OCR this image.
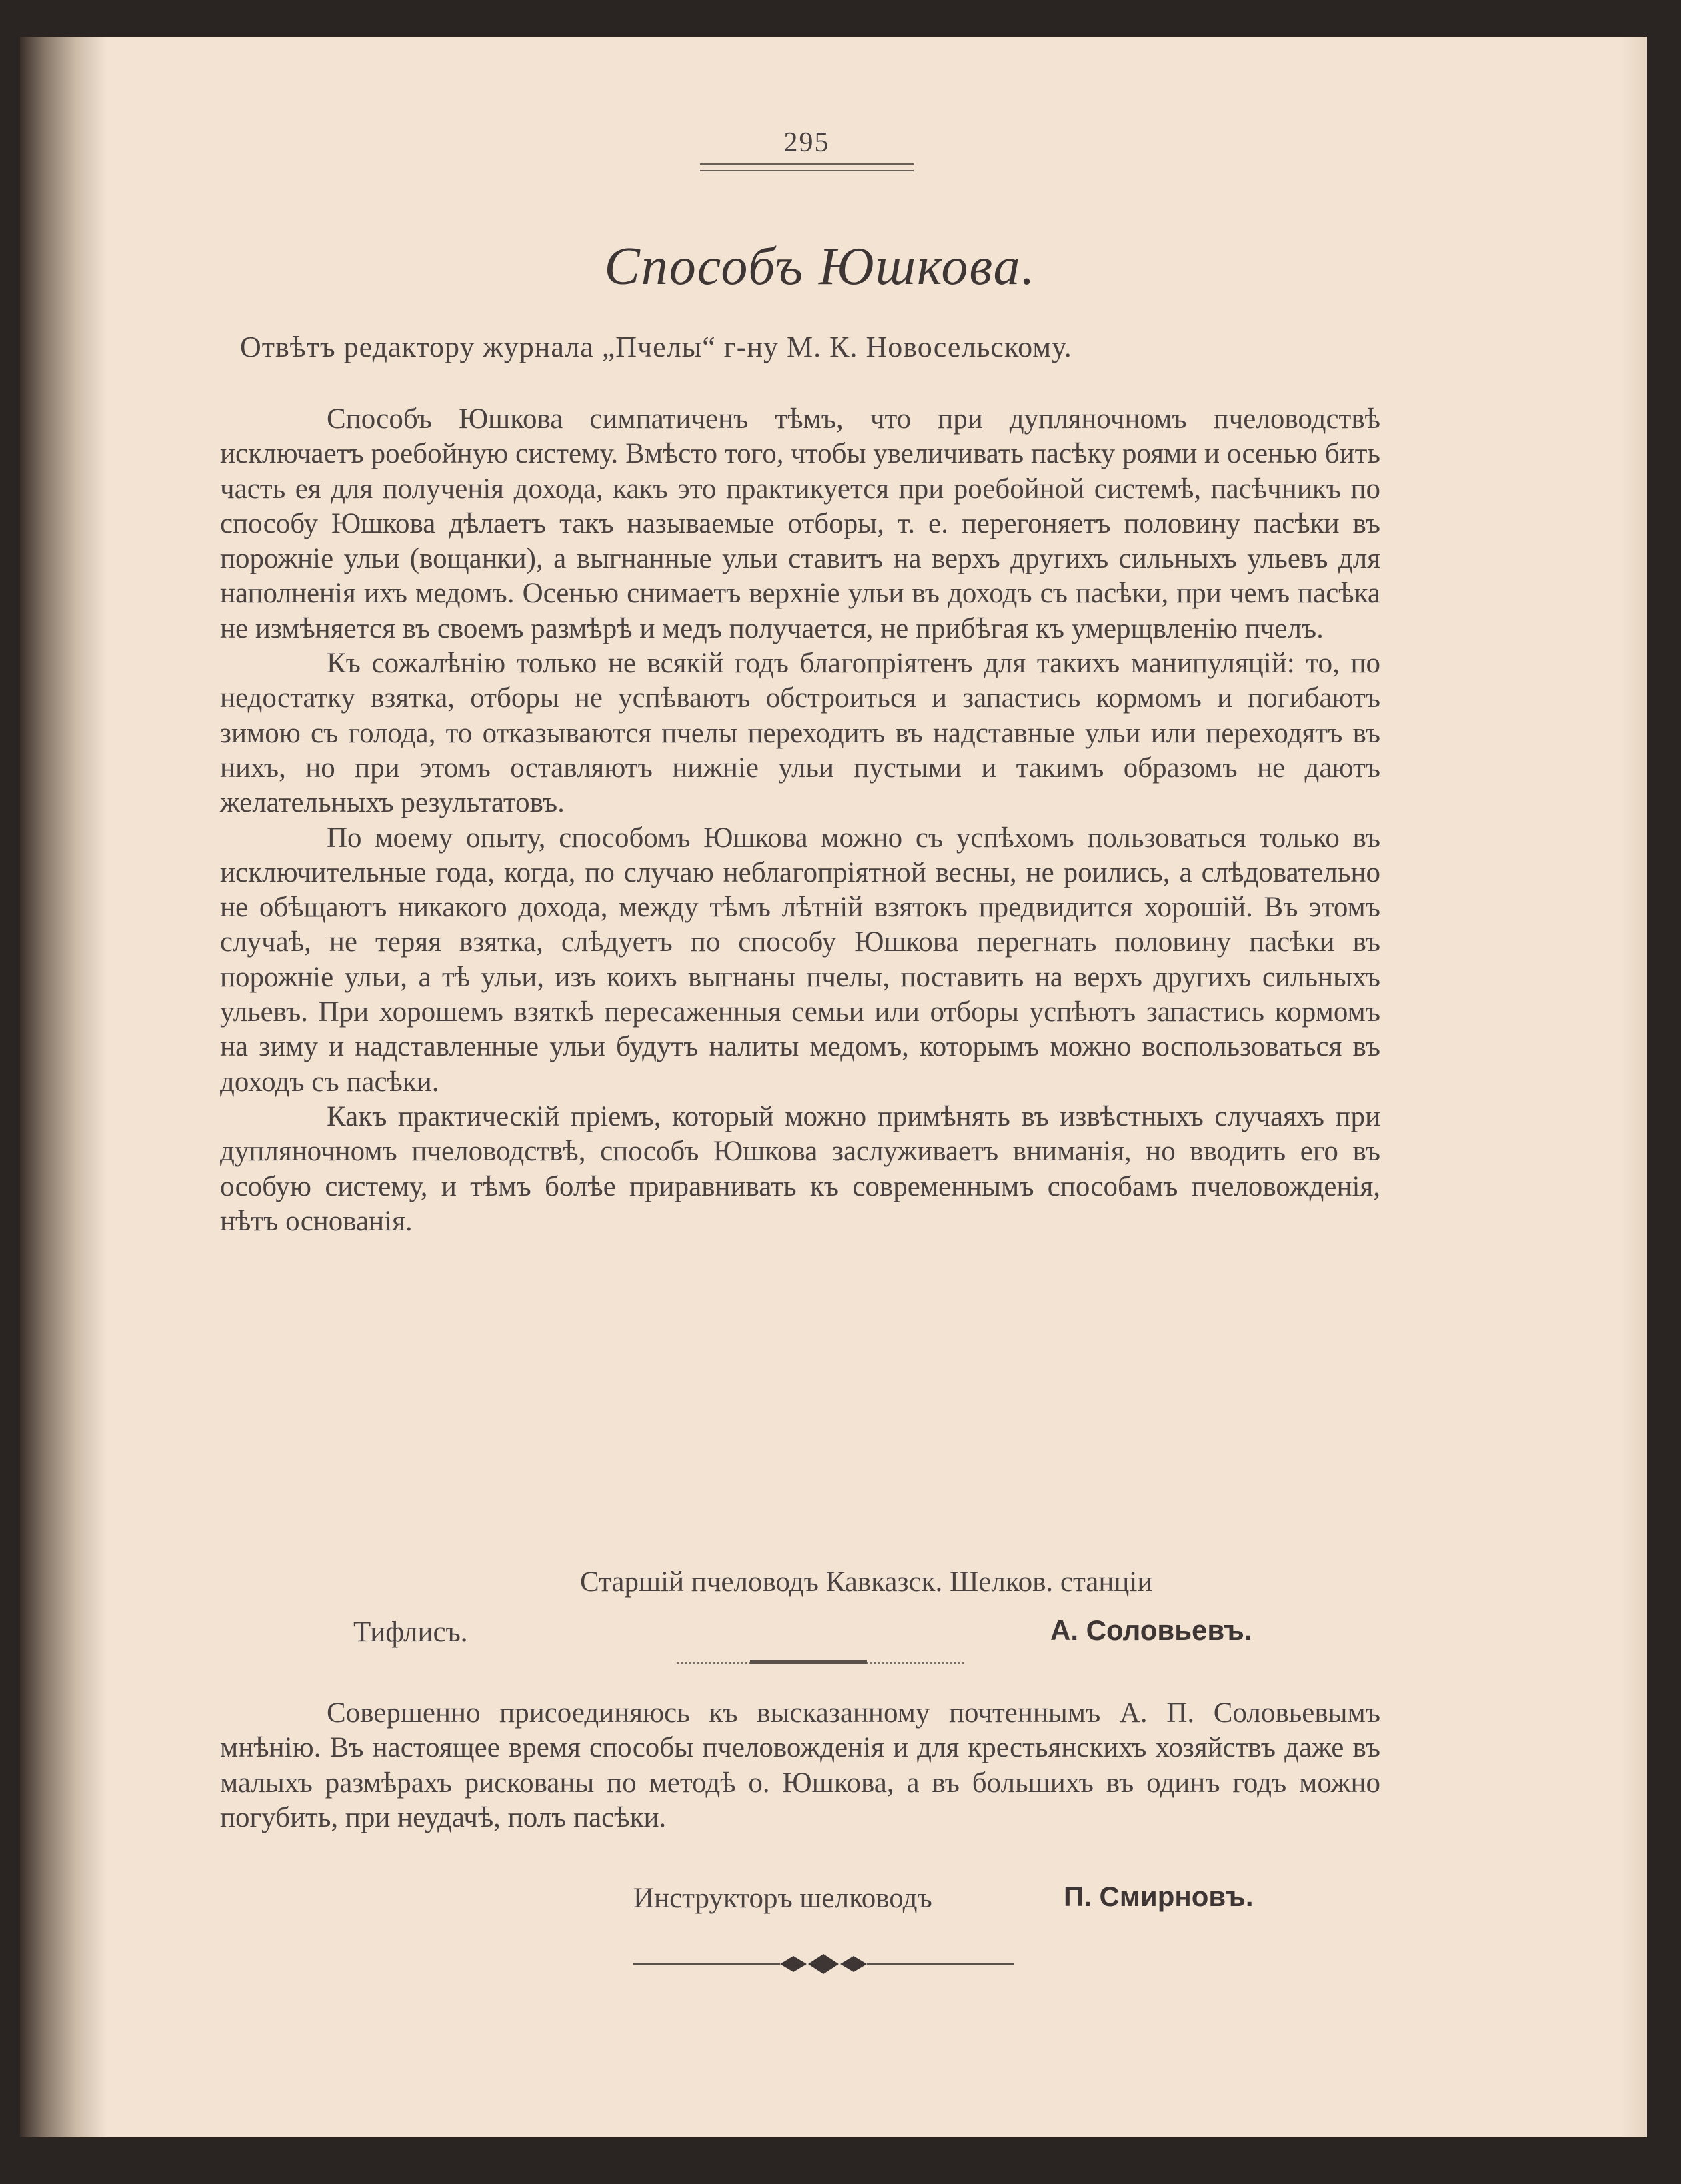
295
Способъ Юшкова.
Отвѣтъ редактору журнала „Пчелы“ г-ну М. К. Новосельскому.

Способъ Юшкова симпатиченъ тѣмъ, что при дупляночномъ пчеловодствѣ исключаетъ роебойную систему. Вмѣсто того, чтобы увеличивать пасѣку роями и осенью бить часть ея для полученія дохода, какъ это практикуется при роебойной системѣ, пасѣчникъ по способу Юшкова дѣлаетъ такъ называемые отборы, т. е. перегоняетъ половину пасѣки въ порожніе ульи (вощанки), а выгнанные ульи ставитъ на верхъ другихъ сильныхъ ульевъ для наполненія ихъ медомъ. Осенью снимаетъ верхніе ульи въ доходъ съ пасѣки, при чемъ пасѣка не измѣняется въ своемъ размѣрѣ и медъ получается, не прибѣгая къ умерщвленію пчелъ.

Къ сожалѣнію только не всякій годъ благопріятенъ для такихъ манипуляцій: то, по недостатку взятка, отборы не успѣваютъ обстроиться и запастись кормомъ и погибаютъ зимою съ голода, то отказываются пчелы переходить въ надставные ульи или переходятъ въ нихъ, но при этомъ оставляютъ нижніе ульи пустыми и такимъ образомъ не даютъ желательныхъ результатовъ.

По моему опыту, способомъ Юшкова можно съ успѣхомъ пользоваться только въ исключительные года, когда, по случаю неблагопріятной весны, не роились, а слѣдовательно не обѣщаютъ никакого дохода, между тѣмъ лѣтній взятокъ предвидится хорошій. Въ этомъ случаѣ, не теряя взятка, слѣдуетъ по способу Юшкова перегнать половину пасѣки въ порожніе ульи, а тѣ ульи, изъ коихъ выгнаны пчелы, поставить на верхъ другихъ сильныхъ ульевъ. При хорошемъ взяткѣ пересаженныя семьи или отборы успѣютъ запастись кормомъ на зиму и надставленные ульи будутъ налиты медомъ, которымъ можно воспользоваться въ доходъ съ пасѣки.

Какъ практическій пріемъ, который можно примѣнять въ извѣстныхъ случаяхъ при дупляночномъ пчеловодствѣ, способъ Юшкова заслуживаетъ вниманія, но вводить его въ особую систему, и тѣмъ болѣе приравнивать къ современнымъ способамъ пчеловожденія, нѣтъ основанія.

Старшій пчеловодъ Кавказск. Шелков. станціи
Тифлисъ.	А. Соловьевъ.

Совершенно присоединяюсь къ высказанному почтеннымъ А. П. Соловьевымъ мнѣнію. Въ настоящее время способы пчеловожденія и для крестьянскихъ хозяйствъ даже въ малыхъ размѣрахъ рискованы по методѣ о. Юшкова, а въ большихъ въ одинъ годъ можно погубить, при неудачѣ, полъ пасѣки.

Инструкторъ шелководъ	П. Смирновъ.
